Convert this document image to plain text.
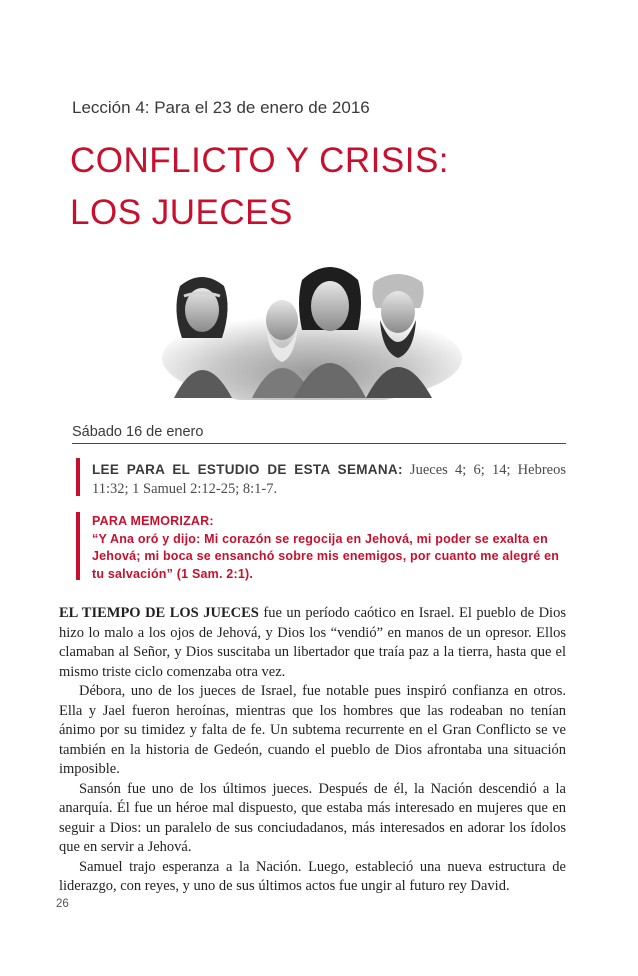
Lección 4: Para el 23 de enero de 2016
CONFLICTO Y CRISIS:
LOS JUECES
Sábado 16 de enero
LEE PARA EL ESTUDIO DE ESTA SEMANA: Jueces 4; 6; 14; Hebreos 11:32; 1 Samuel 2:12-25; 8:1-7.
PARA MEMORIZAR:
“Y Ana oró y dijo: Mi corazón se regocija en Jehová, mi poder se exalta en Jehová; mi boca se ensanchó sobre mis enemigos, por cuanto me alegré en tu salvación” (1 Sam. 2:1).

EL TIEMPO DE LOS JUECES fue un período caótico en Israel. El pueblo de Dios hizo lo malo a los ojos de Jehová, y Dios los “vendió” en manos de un opresor. Ellos clamaban al Señor, y Dios suscitaba un libertador que traía paz a la tierra, hasta que el mismo triste ciclo comenzaba otra vez.

Débora, uno de los jueces de Israel, fue notable pues inspiró confianza en otros. Ella y Jael fueron heroínas, mientras que los hombres que las rodeaban no tenían ánimo por su timidez y falta de fe. Un subtema recurrente en el Gran Conflicto se ve también en la historia de Gedeón, cuando el pueblo de Dios afrontaba una situación imposible.

Sansón fue uno de los últimos jueces. Después de él, la Nación descendió a la anarquía. Él fue un héroe mal dispuesto, que estaba más interesado en mujeres que en seguir a Dios: un paralelo de sus conciudadanos, más interesados en adorar los ídolos que en servir a Jehová.

Samuel trajo esperanza a la Nación. Luego, estableció una nueva estructura de liderazgo, con reyes, y uno de sus últimos actos fue ungir al futuro rey David.

26
